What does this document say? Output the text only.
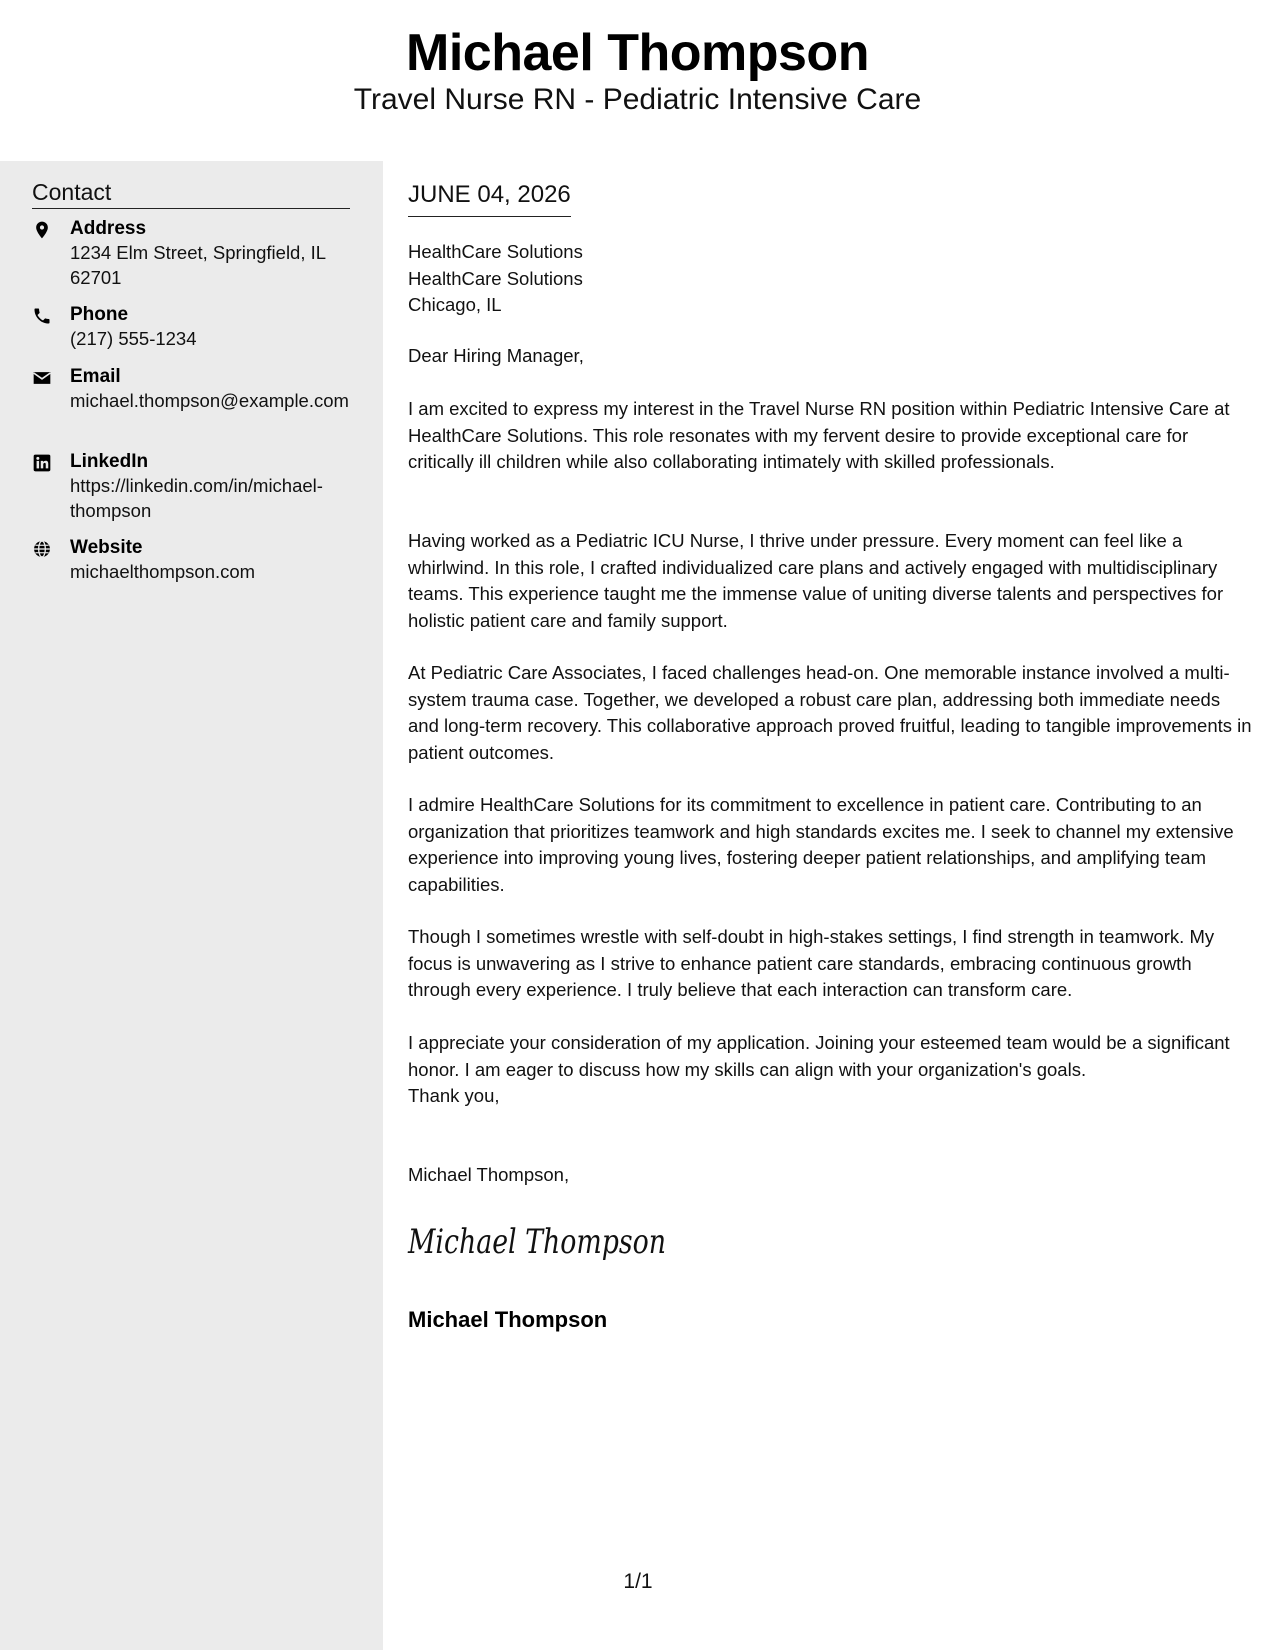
Michael Thompson
Travel Nurse RN - Pediatric Intensive Care
Contact
Address
1234 Elm Street, Springfield, IL 62701
Phone
(217) 555-1234
Email
michael.thompson@example.com
LinkedIn
https://linkedin.com/in/michael-thompson
Website
michaelthompson.com
JUNE 04, 2026
HealthCare Solutions
HealthCare Solutions
Chicago, IL
Dear Hiring Manager,
I am excited to express my interest in the Travel Nurse RN position within Pediatric Intensive Care at HealthCare Solutions. This role resonates with my fervent desire to provide exceptional care for critically ill children while also collaborating intimately with skilled professionals.
Having worked as a Pediatric ICU Nurse, I thrive under pressure. Every moment can feel like a whirlwind. In this role, I crafted individualized care plans and actively engaged with multidisciplinary teams. This experience taught me the immense value of uniting diverse talents and perspectives for holistic patient care and family support.
At Pediatric Care Associates, I faced challenges head-on. One memorable instance involved a multi-system trauma case. Together, we developed a robust care plan, addressing both immediate needs and long-term recovery. This collaborative approach proved fruitful, leading to tangible improvements in patient outcomes.
I admire HealthCare Solutions for its commitment to excellence in patient care. Contributing to an organization that prioritizes teamwork and high standards excites me. I seek to channel my extensive experience into improving young lives, fostering deeper patient relationships, and amplifying team capabilities.
Though I sometimes wrestle with self-doubt in high-stakes settings, I find strength in teamwork. My focus is unwavering as I strive to enhance patient care standards, embracing continuous growth through every experience. I truly believe that each interaction can transform care.
I appreciate your consideration of my application. Joining your esteemed team would be a significant honor. I am eager to discuss how my skills can align with your organization's goals.
Thank you,
Michael Thompson,
Michael Thompson
Michael Thompson
1/1
